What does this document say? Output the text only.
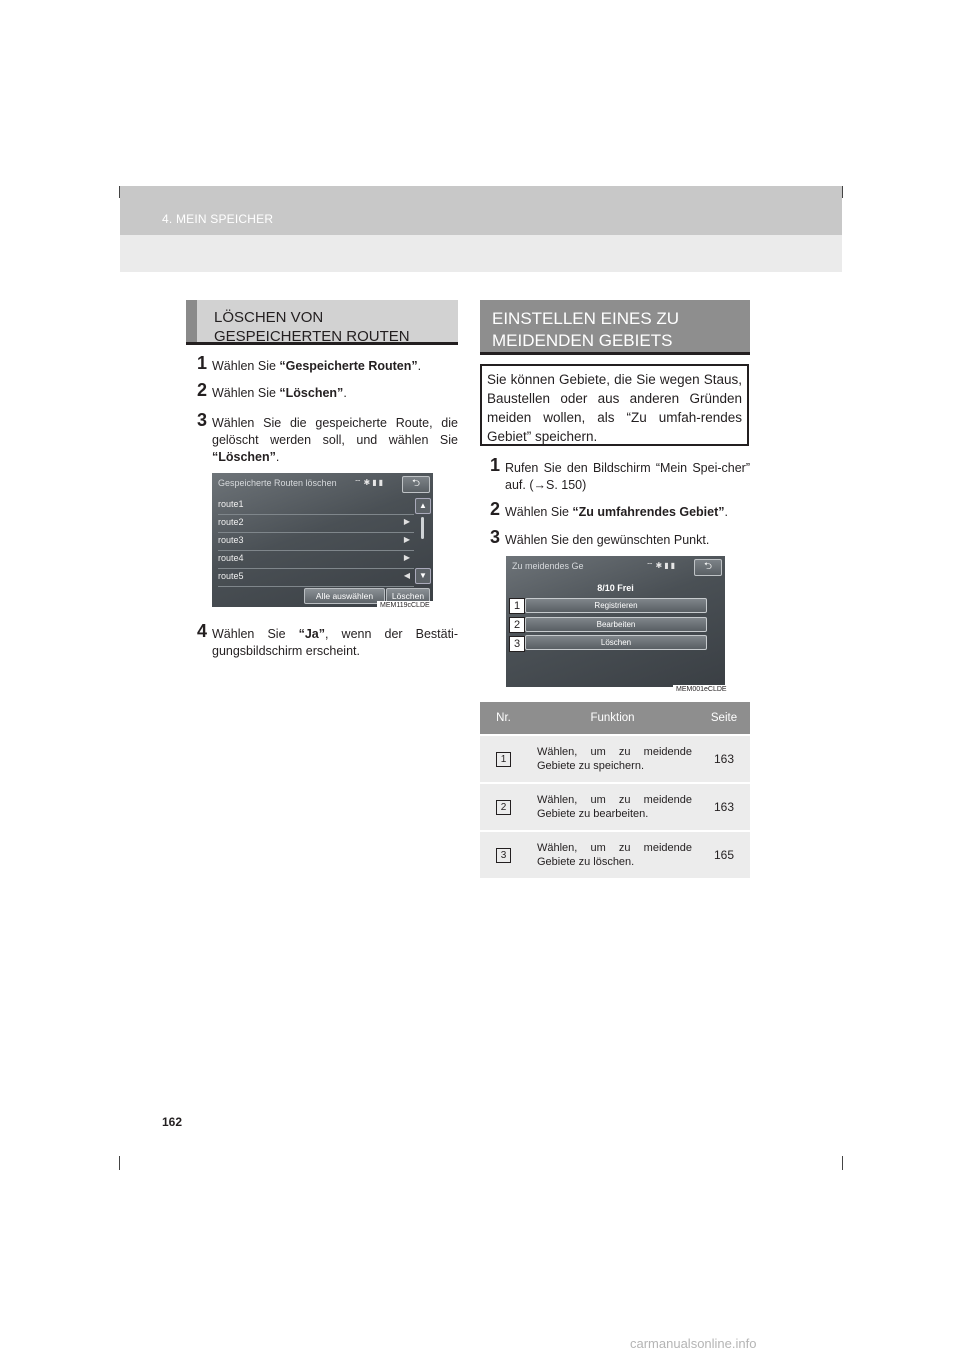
4. MEIN SPEICHER
LÖSCHEN VON GESPEICHERTEN ROUTEN
1 Wählen Sie “Gespeicherte Routen”.
2 Wählen Sie “Löschen”.
3 Wählen Sie die gespeicherte Route, die gelöscht werden soll, und wählen Sie “Löschen”.
Gespeicherte Routen löschen ⌔✱▮▮	⮌
route1
route2	▶
route3	▶
route4	▶
route5	◀
▲
▼
Alle auswählen	Löschen
MEM119cCLDE
4 Wählen Sie “Ja”, wenn der Bestäti-gungsbildschirm erscheint.
EINSTELLEN EINES ZU MEIDENDEN GEBIETS
Sie können Gebiete, die Sie wegen Staus, Baustellen oder aus anderen Gründen meiden wollen, als “Zu umfah-rendes Gebiet” speichern.
1 Rufen Sie den Bildschirm “Mein Spei-cher” auf. (→S. 150)
2 Wählen Sie “Zu umfahrendes Gebiet”.
3 Wählen Sie den gewünschten Punkt.
Zu meidendes Ge	⌔✱▮▮	⮌
8/10 Frei
Registrieren
Bearbeiten
Löschen
1
2
3
MEM001eCLDE
Nr.	Funktion	Seite
1	Wählen, um zu meidende Gebiete zu speichern.	163
2	Wählen, um zu meidende Gebiete zu bearbeiten.	163
3	Wählen, um zu meidende Gebiete zu löschen.	165
162
carmanualsonline.info
